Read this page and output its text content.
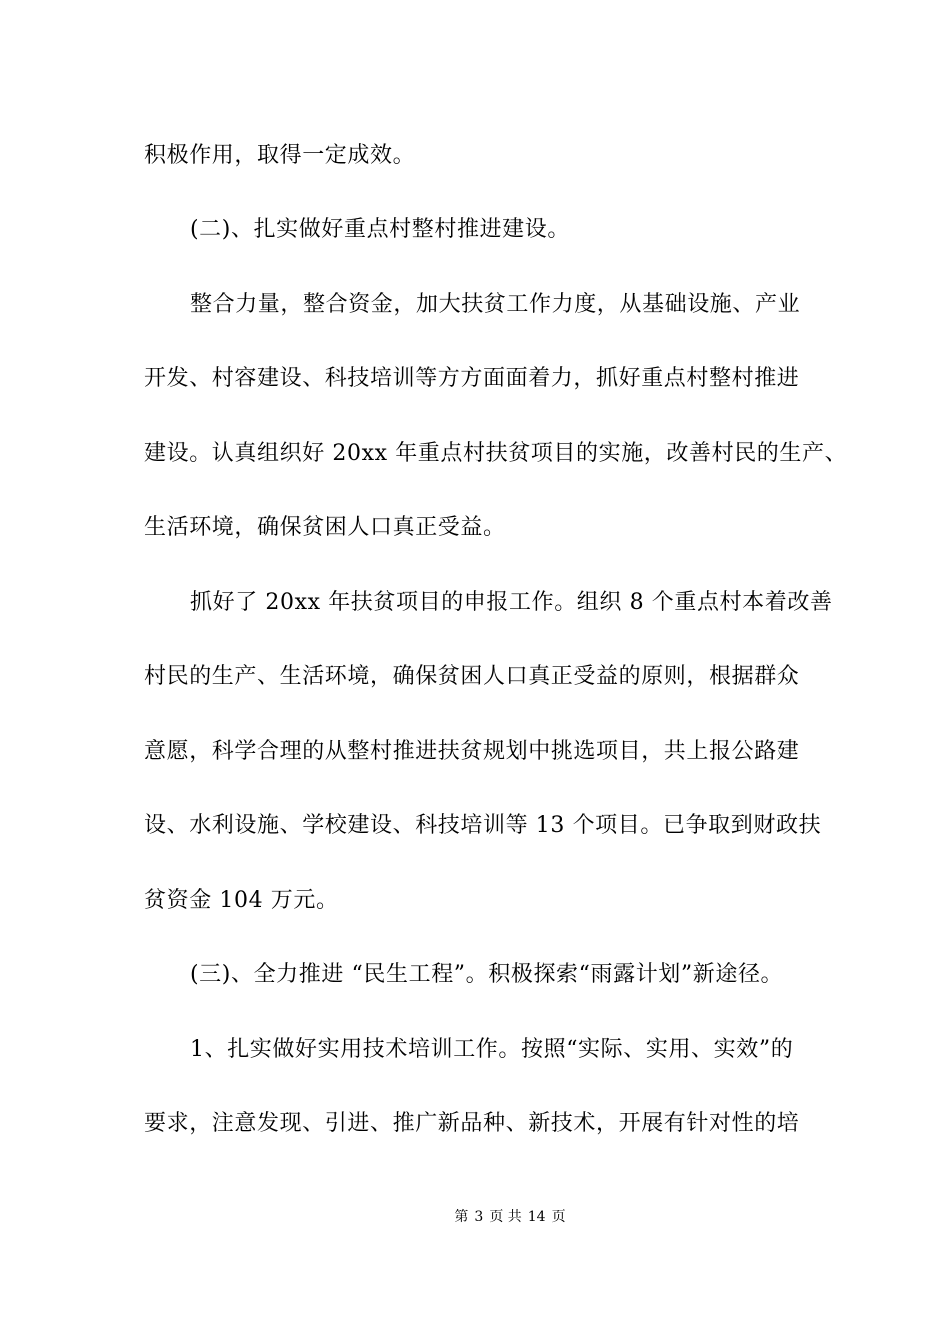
积极作用，取得一定成效。
(二)、扎实做好重点村整村推进建设。
整合力量，整合资金，加大扶贫工作力度，从基础设施、产业
开发、村容建设、科技培训等方方面面着力，抓好重点村整村推进
建设。认真组织好 20xx 年重点村扶贫项目的实施，改善村民的生产、
生活环境，确保贫困人口真正受益。
抓好了 20xx 年扶贫项目的申报工作。组织 8 个重点村本着改善
村民的生产、生活环境，确保贫困人口真正受益的原则，根据群众
意愿，科学合理的从整村推进扶贫规划中挑选项目，共上报公路建
设、水利设施、学校建设、科技培训等 13 个项目。已争取到财政扶
贫资金 104 万元。
(三)、全力推进 “民生工程”。积极探索“雨露计划”新途径。
1、扎实做好实用技术培训工作。按照“实际、实用、实效”的
要求，注意发现、引进、推广新品种、新技术，开展有针对性的培
第 3 页 共 14 页
